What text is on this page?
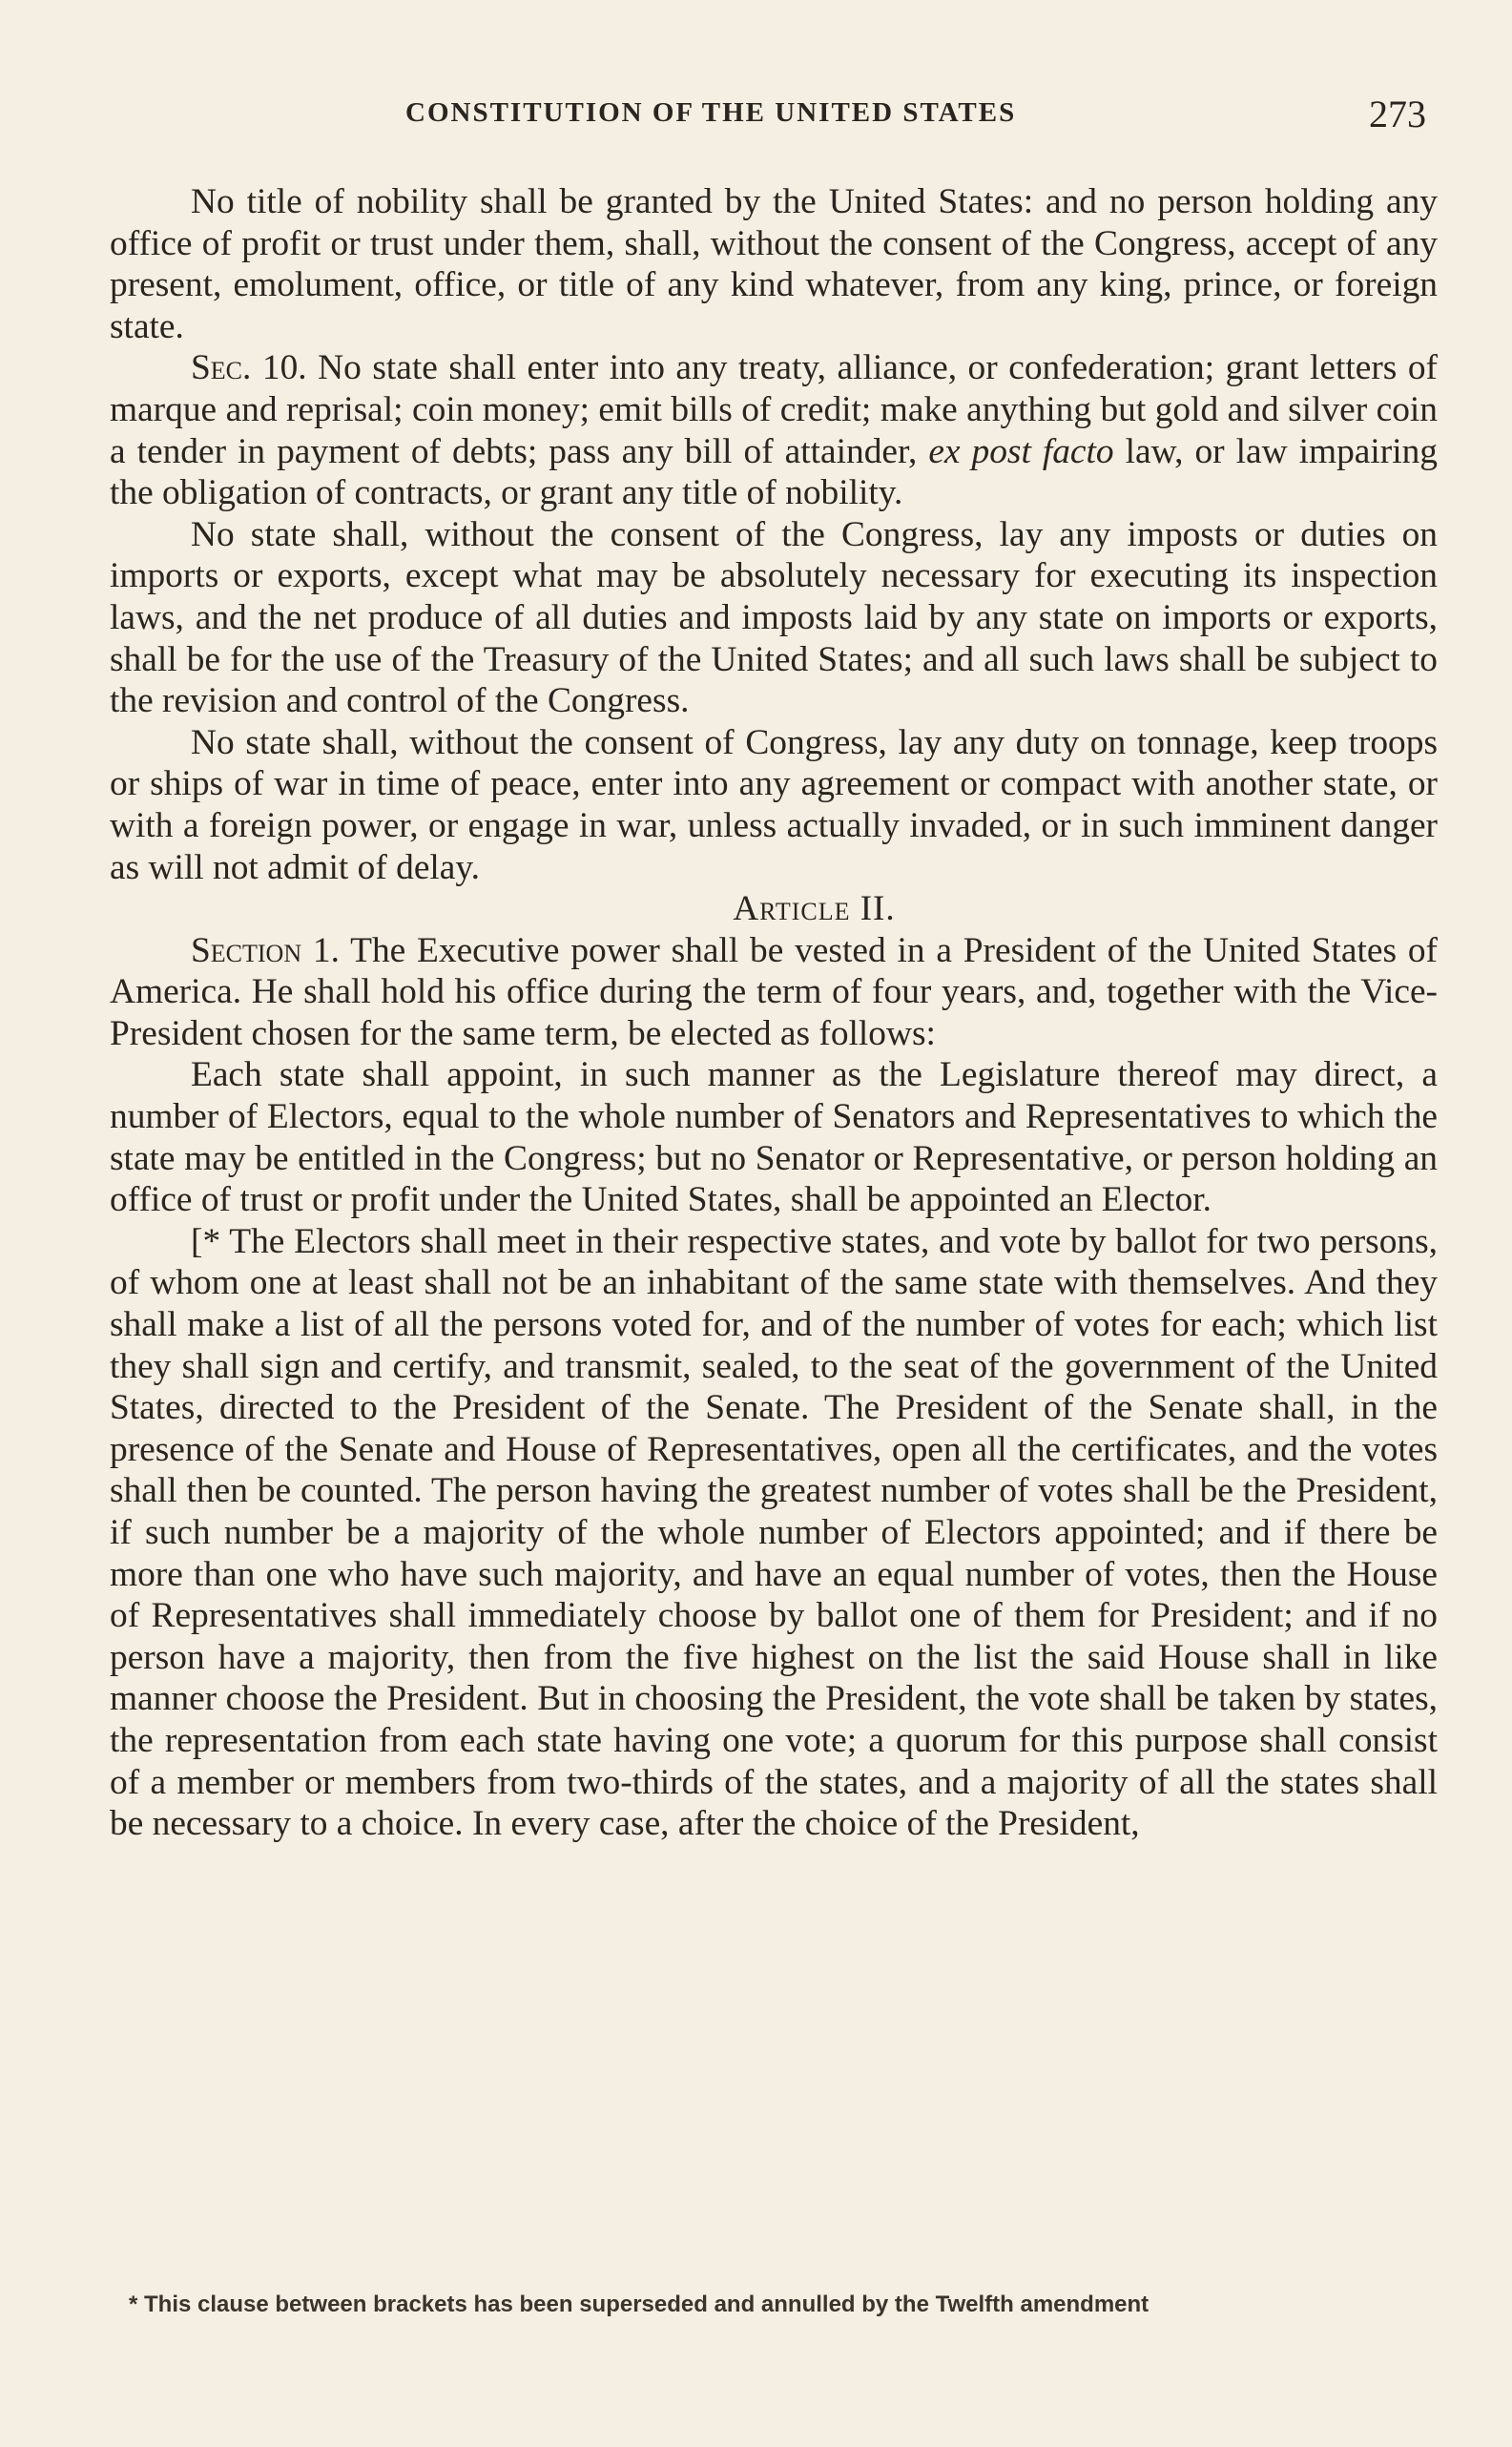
CONSTITUTION OF THE UNITED STATES	273

No title of nobility shall be granted by the United States: and no person holding any office of profit or trust under them, shall, without the consent of the Congress, accept of any present, emolument, office, or title of any kind whatever, from any king, prince, or foreign state.

Sec. 10. No state shall enter into any treaty, alliance, or confederation; grant letters of marque and reprisal; coin money; emit bills of credit; make anything but gold and silver coin a tender in payment of debts; pass any bill of attainder, ex post facto law, or law impairing the obligation of contracts, or grant any title of nobility.

No state shall, without the consent of the Congress, lay any imposts or duties on imports or exports, except what may be absolutely necessary for executing its inspection laws, and the net produce of all duties and imposts laid by any state on imports or exports, shall be for the use of the Treasury of the United States; and all such laws shall be subject to the revision and control of the Congress.

No state shall, without the consent of Congress, lay any duty on tonnage, keep troops or ships of war in time of peace, enter into any agreement or compact with another state, or with a foreign power, or engage in war, unless actually invaded, or in such imminent danger as will not admit of delay.

Article II.

Section 1. The Executive power shall be vested in a President of the United States of America. He shall hold his office during the term of four years, and, together with the Vice-President chosen for the same term, be elected as follows:

Each state shall appoint, in such manner as the Legislature thereof may direct, a number of Electors, equal to the whole number of Senators and Representatives to which the state may be entitled in the Congress; but no Senator or Representative, or person holding an office of trust or profit under the United States, shall be appointed an Elector.

[* The Electors shall meet in their respective states, and vote by ballot for two persons, of whom one at least shall not be an inhabitant of the same state with themselves. And they shall make a list of all the persons voted for, and of the number of votes for each; which list they shall sign and certify, and transmit, sealed, to the seat of the government of the United States, directed to the President of the Senate. The President of the Senate shall, in the presence of the Senate and House of Representatives, open all the certificates, and the votes shall then be counted. The person having the greatest number of votes shall be the President, if such number be a majority of the whole number of Electors appointed; and if there be more than one who have such majority, and have an equal number of votes, then the House of Representatives shall immediately choose by ballot one of them for President; and if no person have a majority, then from the five highest on the list the said House shall in like manner choose the President. But in choosing the President, the vote shall be taken by states, the representation from each state having one vote; a quorum for this purpose shall consist of a member or members from two-thirds of the states, and a majority of all the states shall be necessary to a choice. In every case, after the choice of the President,

* This clause between brackets has been superseded and annulled by the Twelfth amendment
